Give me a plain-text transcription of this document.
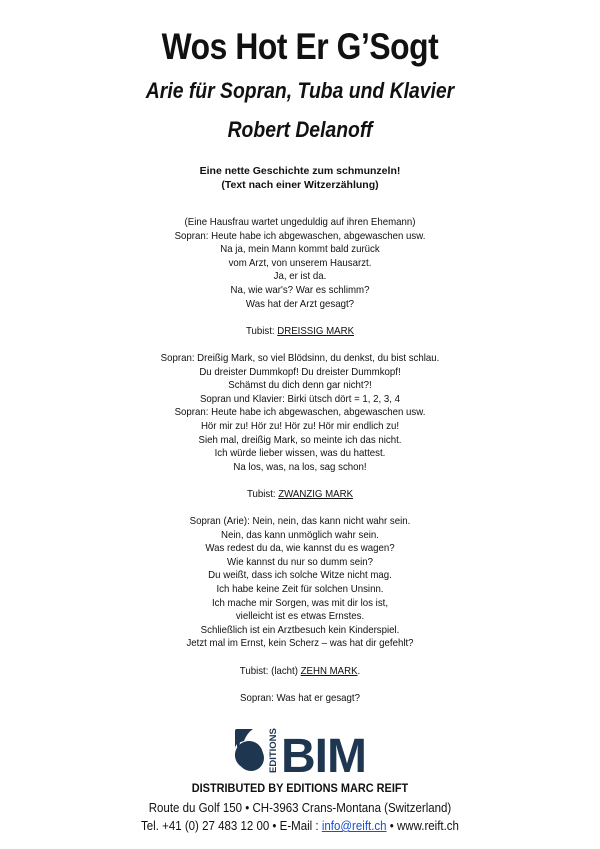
Wos Hot Er G’Sogt
Arie für Sopran, Tuba und Klavier
Robert Delanoff
Eine nette Geschichte zum schmunzeln!
(Text nach einer Witzerzählung)
(Eine Hausfrau wartet ungeduldig auf ihren Ehemann)
Sopran: Heute habe ich abgewaschen, abgewaschen usw.
Na ja, mein Mann kommt bald zurück
vom Arzt, von unserem Hausarzt.
Ja, er ist da.
Na, wie war's? War es schlimm?
Was hat der Arzt gesagt?
Tubist: DREISSIG MARK
Sopran: Dreißig Mark, so viel Blödsinn, du denkst, du bist schlau.
Du dreister Dummkopf! Du dreister Dummkopf!
Schämst du dich denn gar nicht?!
Sopran und Klavier: Birki ütsch dört = 1, 2, 3, 4
Sopran: Heute habe ich abgewaschen, abgewaschen usw.
Hör mir zu! Hör zu! Hör zu! Hör mir endlich zu!
Sieh mal, dreißig Mark, so meinte ich das nicht.
Ich würde lieber wissen, was du hattest.
Na los, was, na los, sag schon!
Tubist: ZWANZIG MARK
Sopran (Arie): Nein, nein, das kann nicht wahr sein.
Nein, das kann unmöglich wahr sein.
Was redest du da, wie kannst du es wagen?
Wie kannst du nur so dumm sein?
Du weißt, dass ich solche Witze nicht mag.
Ich habe keine Zeit für solchen Unsinn.
Ich mache mir Sorgen, was mit dir los ist,
vielleicht ist es etwas Ernstes.
Schließlich ist ein Arztbesuch kein Kinderspiel.
Jetzt mal im Ernst, kein Scherz – was hat dir gefehlt?
Tubist: (lacht) ZEHN MARK.
Sopran: Was hat er gesagt?
EDITIONS BIM
DISTRIBUTED BY EDITIONS MARC REIFT
Route du Golf 150 • CH-3963 Crans-Montana (Switzerland)
Tel. +41 (0) 27 483 12 00 • E-Mail : info@reift.ch • www.reift.ch
